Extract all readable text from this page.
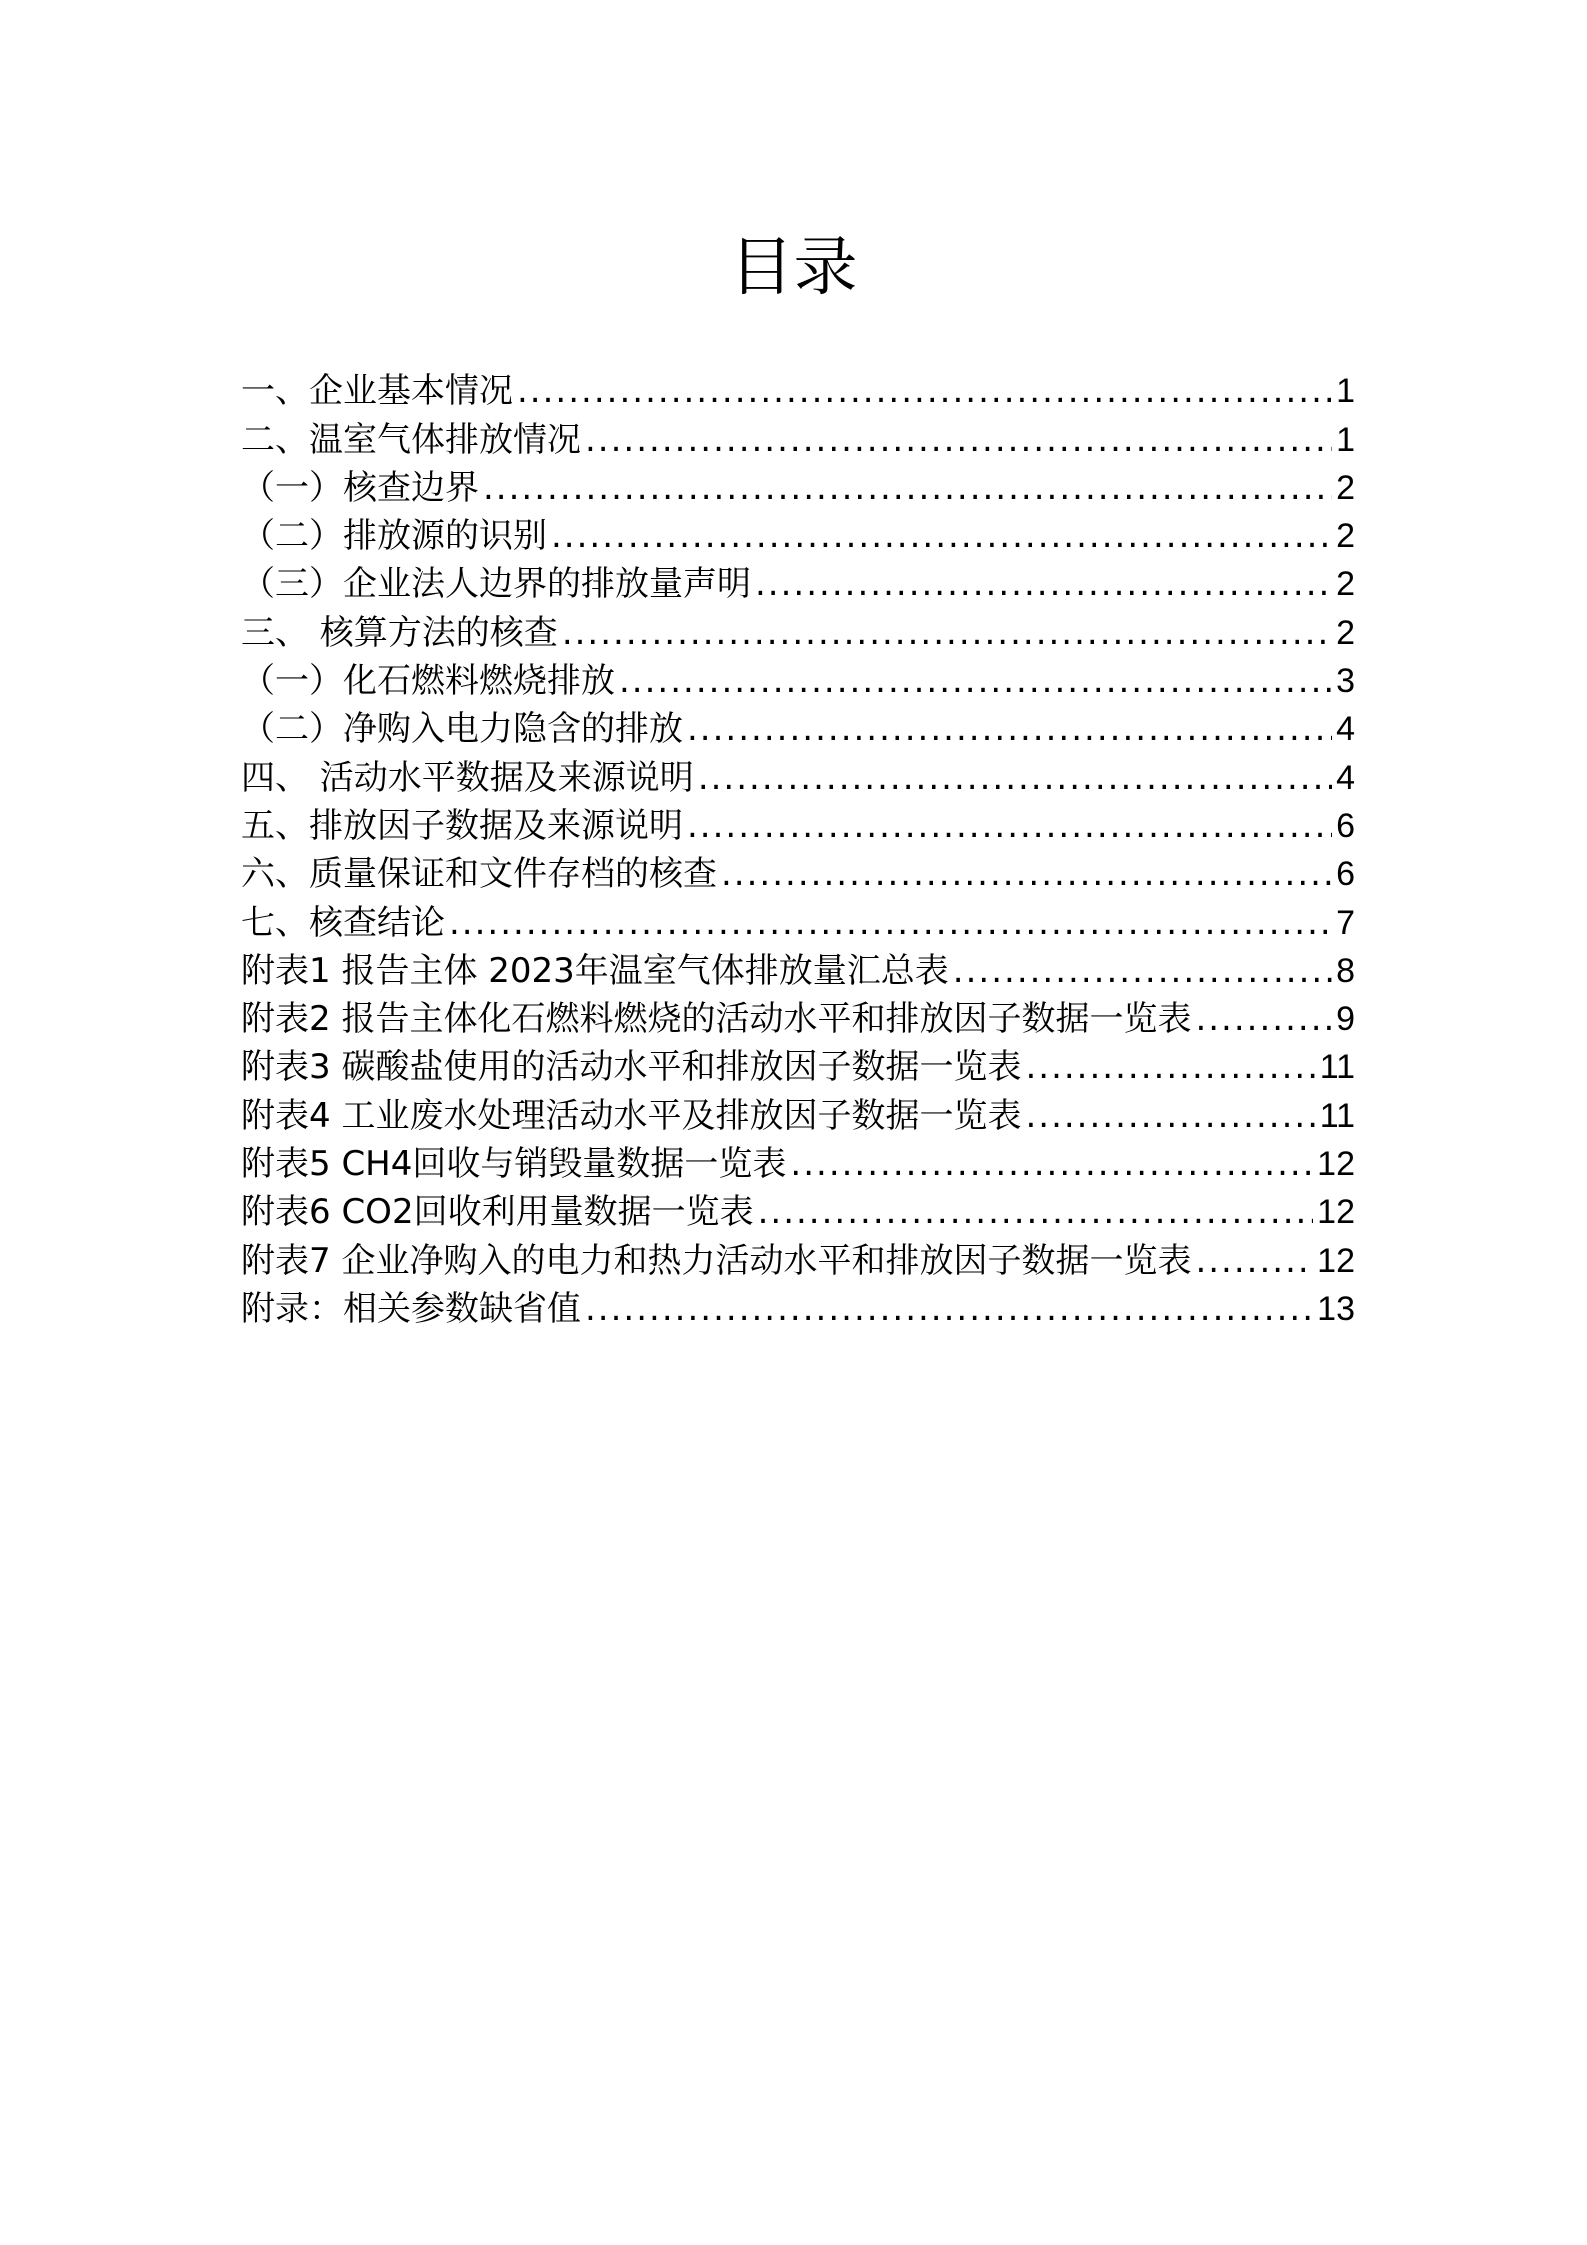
目录
一、企业基本情况 .....	1
二、温室气体排放情况 .....	1
（一）核查边界 .....	2
（二）排放源的识别 .....	2
（三）企业法人边界的排放量声明 .....	2
三、 核算方法的核查 .....	2
（一）化石燃料燃烧排放 .....	3
（二）净购入电力隐含的排放 .....	4
四、 活动水平数据及来源说明 .....	4
五、排放因子数据及来源说明 .....	6
六、质量保证和文件存档的核查 .....	6
七、核查结论 .....	7
附表1 报告主体 2023年温室气体排放量汇总表 .....	8
附表2 报告主体化石燃料燃烧的活动水平和排放因子数据一览表 .....	9
附表3 碳酸盐使用的活动水平和排放因子数据一览表 .....	11
附表4 工业废水处理活动水平及排放因子数据一览表 .....	11
附表5 CH4回收与销毁量数据一览表 .....	12
附表6 CO2回收利用量数据一览表 .....	12
附表7 企业净购入的电力和热力活动水平和排放因子数据一览表 .....	12
附录：相关参数缺省值 .....	13
